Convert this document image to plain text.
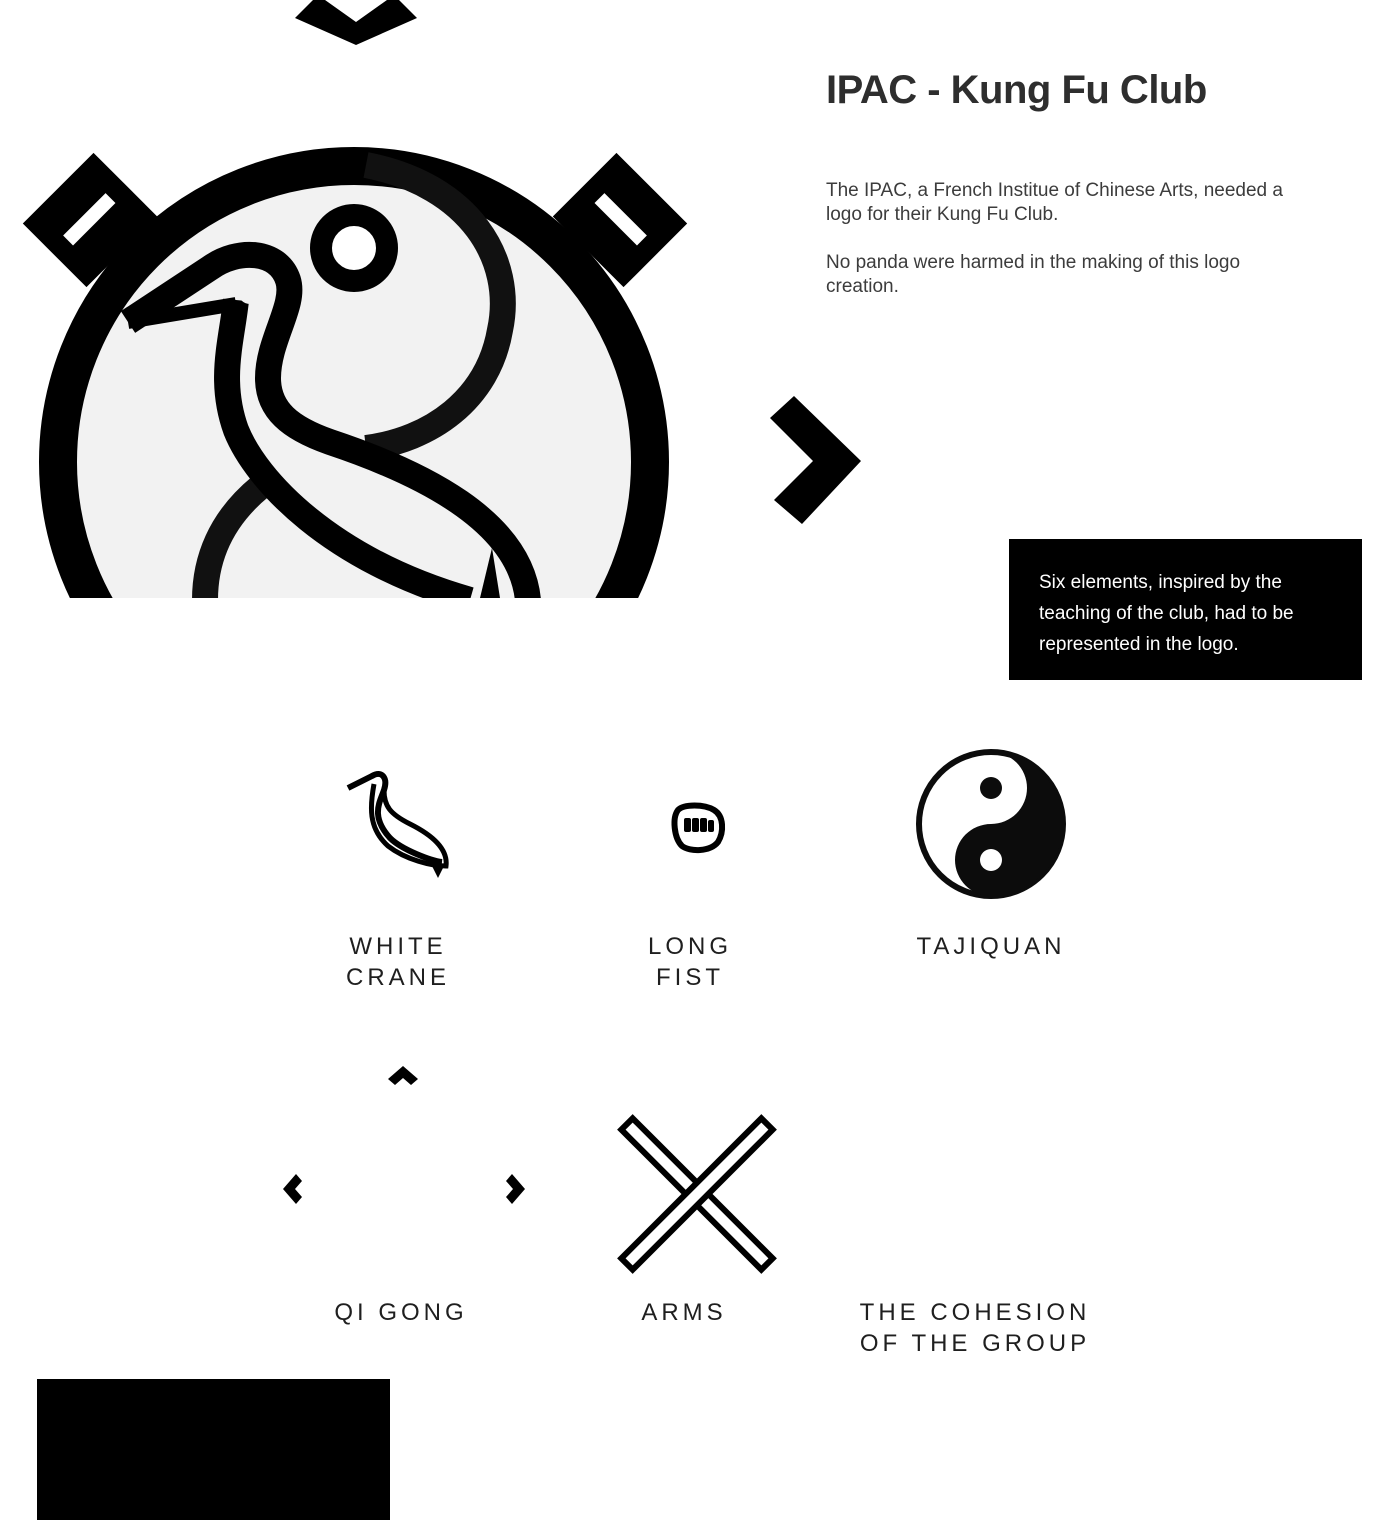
IPAC - Kung Fu Club

The IPAC, a French Institue of Chinese Arts, needed a logo for their Kung Fu Club.

No panda were harmed in the making of this logo creation.

Six elements, inspired by the teaching of the club, had to be represented in the logo.

WHITE
CRANE
LONG
FIST
TAJIQUAN
QI GONG	ARMS	THE COHESION
OF THE GROUP
